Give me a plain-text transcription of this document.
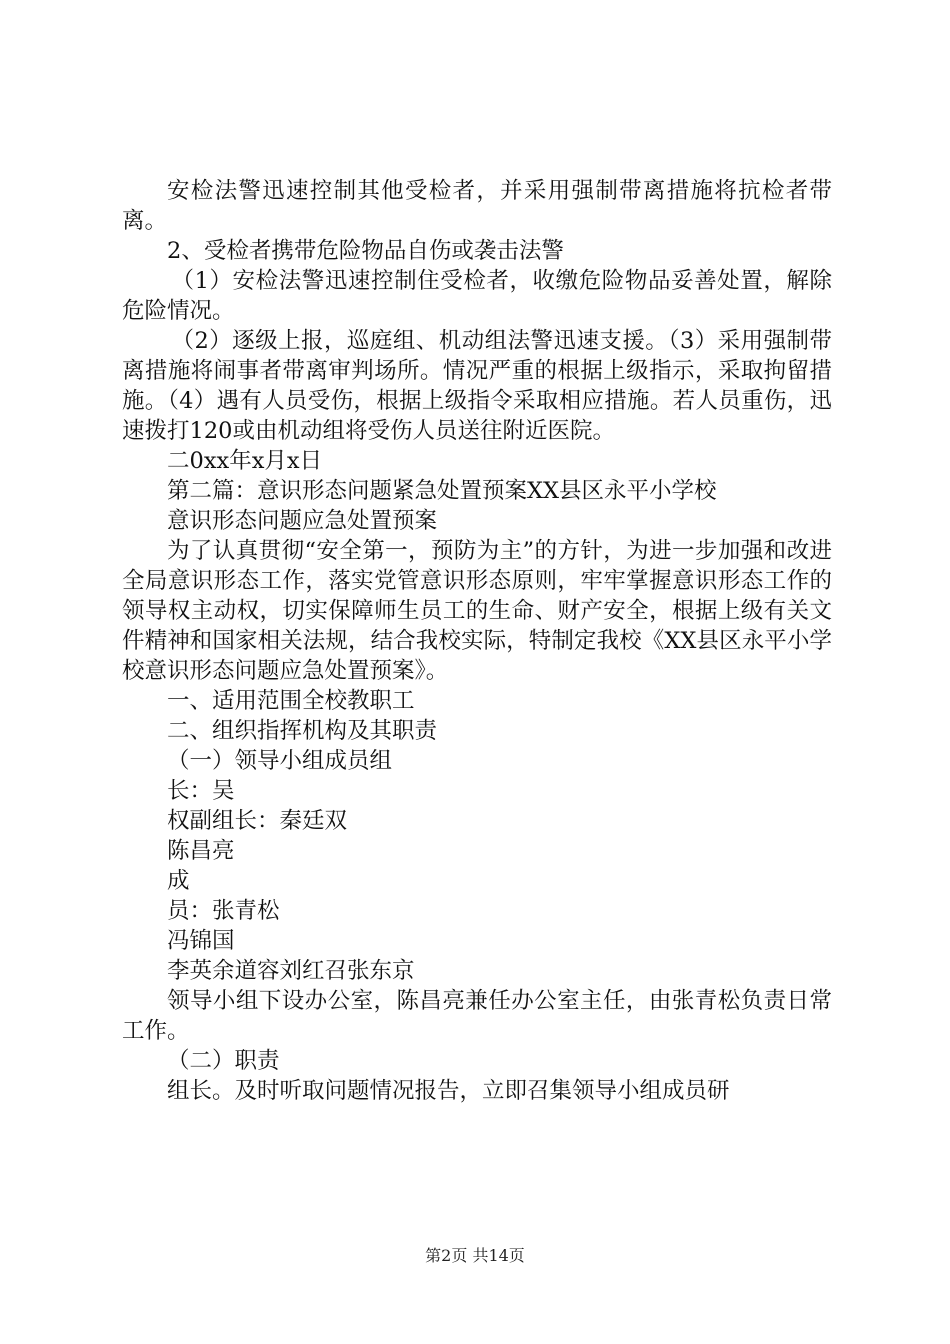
安检法警迅速控制其他受检者，并采用强制带离措施将抗检者带离。

2、受检者携带危险物品自伤或袭击法警

（1）安检法警迅速控制住受检者，收缴危险物品妥善处置，解除危险情况。

（2）逐级上报，巡庭组、机动组法警迅速支援。（3）采用强制带离措施将闹事者带离审判场所。情况严重的根据上级指示，采取拘留措施。（4）遇有人员受伤，根据上级指令采取相应措施。若人员重伤，迅速拨打120或由机动组将受伤人员送往附近医院。

二0xx年x月x日

第二篇：意识形态问题紧急处置预案XX县区永平小学校

意识形态问题应急处置预案

为了认真贯彻“安全第一，预防为主”的方针，为进一步加强和改进全局意识形态工作，落实党管意识形态原则，牢牢掌握意识形态工作的领导权主动权，切实保障师生员工的生命、财产安全，根据上级有关文件精神和国家相关法规，结合我校实际，特制定我校《XX县区永平小学校意识形态问题应急处置预案》。

一、适用范围全校教职工

二、组织指挥机构及其职责

（一）领导小组成员组

长：吴

权副组长：秦廷双

陈昌亮

成

员：张青松

冯锦国

李英余道容刘红召张东京

领导小组下设办公室，陈昌亮兼任办公室主任，由张青松负责日常工作。

（二）职责

组长。及时听取问题情况报告，立即召集领导小组成员研

第2页 共14页
